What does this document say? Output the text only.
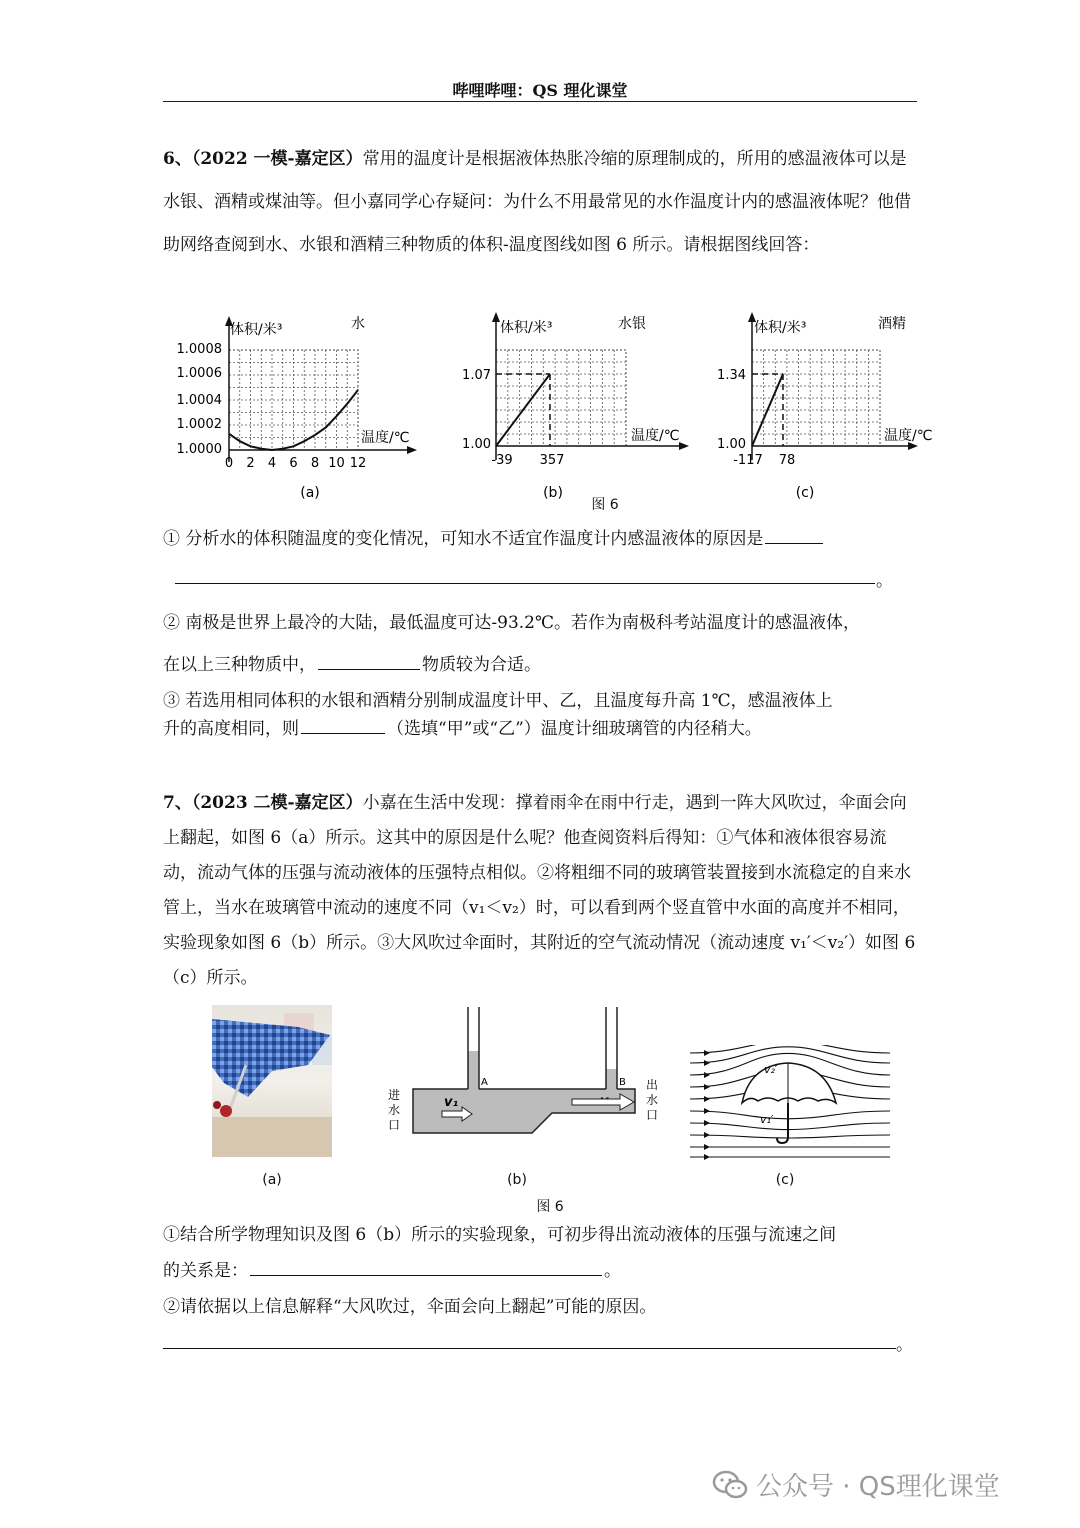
哔哩哔哩：QS 理化课堂
6、（2022 一模-嘉定区）常用的温度计是根据液体热胀冷缩的原理制成的，所用的感温液体可以是水银、酒精或煤油等。但小嘉同学心存疑问：为什么不用最常见的水作温度计内的感温液体呢？他借助网络查阅到水、水银和酒精三种物质的体积-温度图线如图 6 所示。请根据图线回答：
体积/米³	水
温度/℃
0 2 4 6 8 10 12
1.0000
1.0002
1.0004
1.0006
1.0008
(a)
体积/米³	水银
温度/℃
1.07
1.00
-39 357
(b)
体积/米³	酒精
温度/℃
1.34
1.00
-117 78
(c)
图 6
① 分析水的体积随温度的变化情况，可知水不适宜作温度计内感温液体的原因是
。
② 南极是世界上最冷的大陆，最低温度可达-93.2℃。若作为南极科考站温度计的感温液体，
在以上三种物质中，	物质较为合适。
③ 若选用相同体积的水银和酒精分别制成温度计甲、乙，且温度每升高 1℃，感温液体上
升的高度相同，则	（选填“甲”或“乙”）温度计细玻璃管的内径稍大。
7、（2023 二模-嘉定区）小嘉在生活中发现：撑着雨伞在雨中行走，遇到一阵大风吹过，伞面会向上翻起，如图 6（a）所示。这其中的原因是什么呢？他查阅资料后得知：①气体和液体很容易流动，流动气体的压强与流动液体的压强特点相似。②将粗细不同的玻璃管装置接到水流稳定的自来水管上，当水在玻璃管中流动的速度不同（v₁＜v₂）时，可以看到两个竖直管中水面的高度并不相同，实验现象如图 6（b）所示。③大风吹过伞面时，其附近的空气流动情况（流动速度 v₁′＜v₂′）如图 6（c）所示。
A	B
进
水
口
出
水
口
v₁
v₂′
v₁′
(a)	(b)	(c)
图 6
①结合所学物理知识及图 6（b）所示的实验现象，可初步得出流动液体的压强与流速之间
的关系是：	。
②请依据以上信息解释“大风吹过，伞面会向上翻起”可能的原因。
。
公众号 · QS理化课堂
